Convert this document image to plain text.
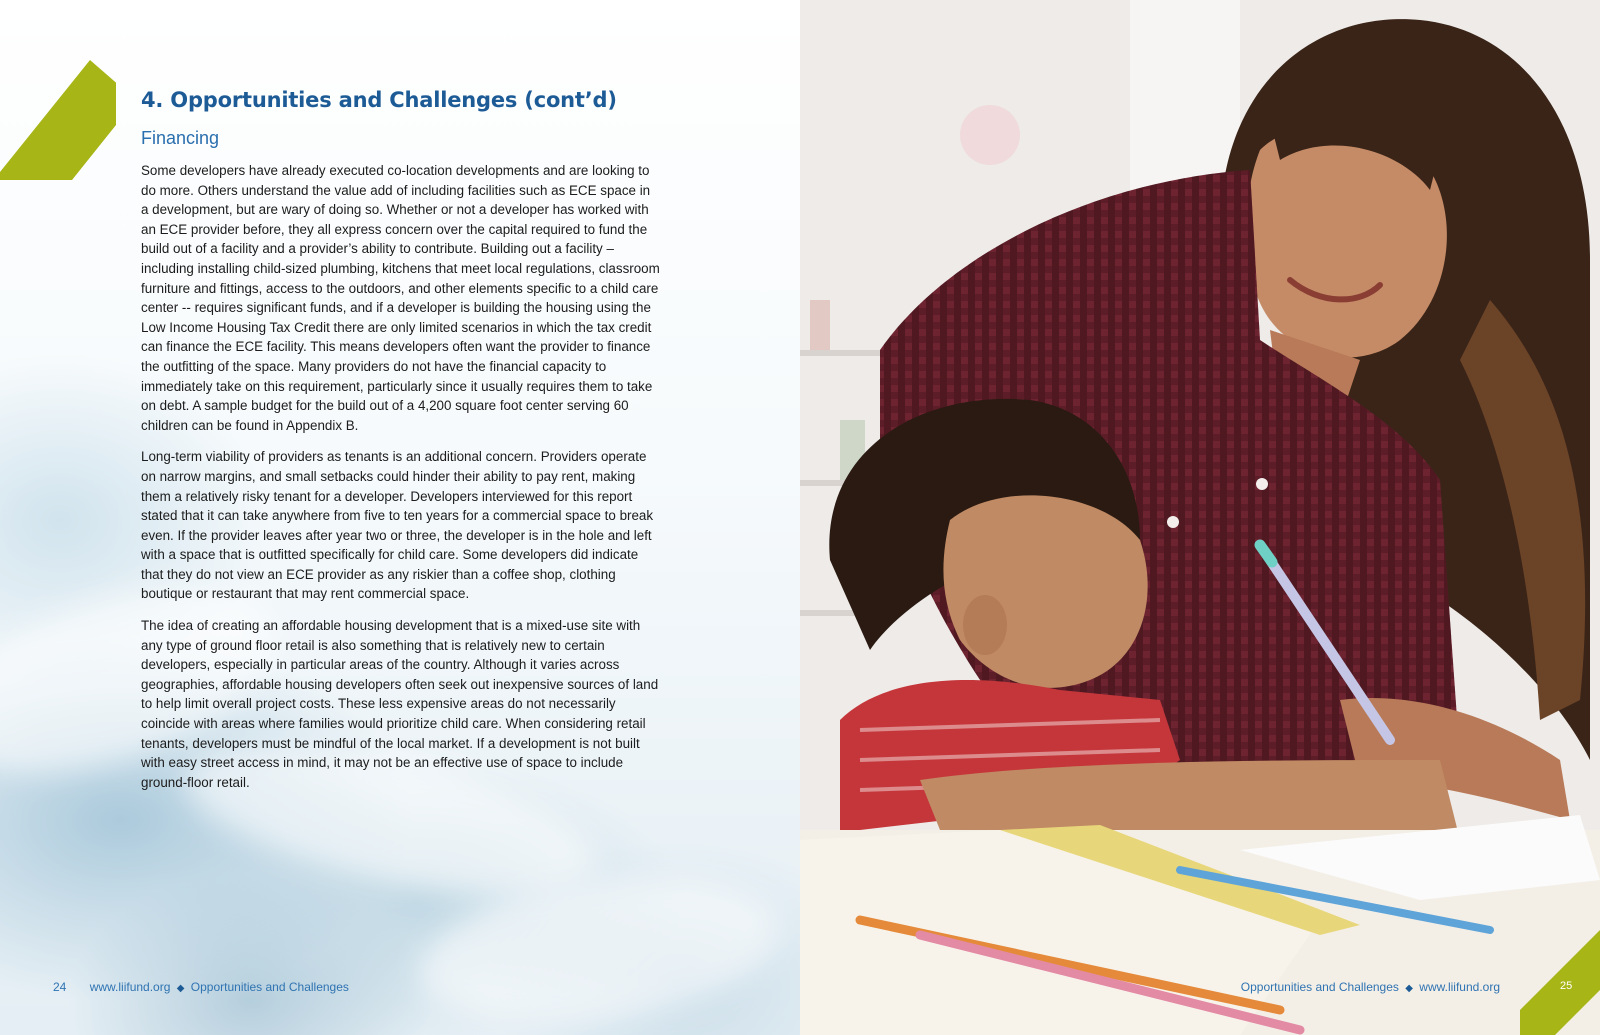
4. Opportunities and Challenges (cont’d)
Financing

Some developers have already executed co-location developments and are looking to do more. Others understand the value add of including facilities such as ECE space in a development, but are wary of doing so. Whether or not a developer has worked with an ECE provider before, they all express concern over the capital required to fund the build out of a facility and a provider’s ability to contribute. Building out a facility – including installing child-sized plumbing, kitchens that meet local regulations, classroom furniture and fittings, access to the outdoors, and other elements specific to a child care center -- requires significant funds, and if a developer is building the housing using the Low Income Housing Tax Credit there are only limited scenarios in which the tax credit can finance the ECE facility. This means developers often want the provider to finance the outfitting of the space. Many providers do not have the financial capacity to immediately take on this requirement, particularly since it usually requires them to take on debt. A sample budget for the build out of a 4,200 square foot center serving 60 children can be found in Appendix B.

Long-term viability of providers as tenants is an additional concern. Providers operate on narrow margins, and small setbacks could hinder their ability to pay rent, making them a relatively risky tenant for a developer. Developers interviewed for this report stated that it can take anywhere from five to ten years for a commercial space to break even. If the provider leaves after year two or three, the developer is in the hole and left with a space that is outfitted specifically for child care. Some developers did indicate that they do not view an ECE provider as any riskier than a coffee shop, clothing boutique or restaurant that may rent commercial space.

The idea of creating an affordable housing development that is a mixed-use site with any type of ground floor retail is also something that is relatively new to certain developers, especially in particular areas of the country. Although it varies across geographies, affordable housing developers often seek out inexpensive sources of land to help limit overall project costs. These less expensive areas do not necessarily coincide with areas where families would prioritize child care. When considering retail tenants, developers must be mindful of the local market. If a development is not built with easy street access in mind, it may not be an effective use of space to include ground-floor retail.

24 www.liifund.org ◆ Opportunities and Challenges	Opportunities and Challenges ◆ www.liifund.org	25
